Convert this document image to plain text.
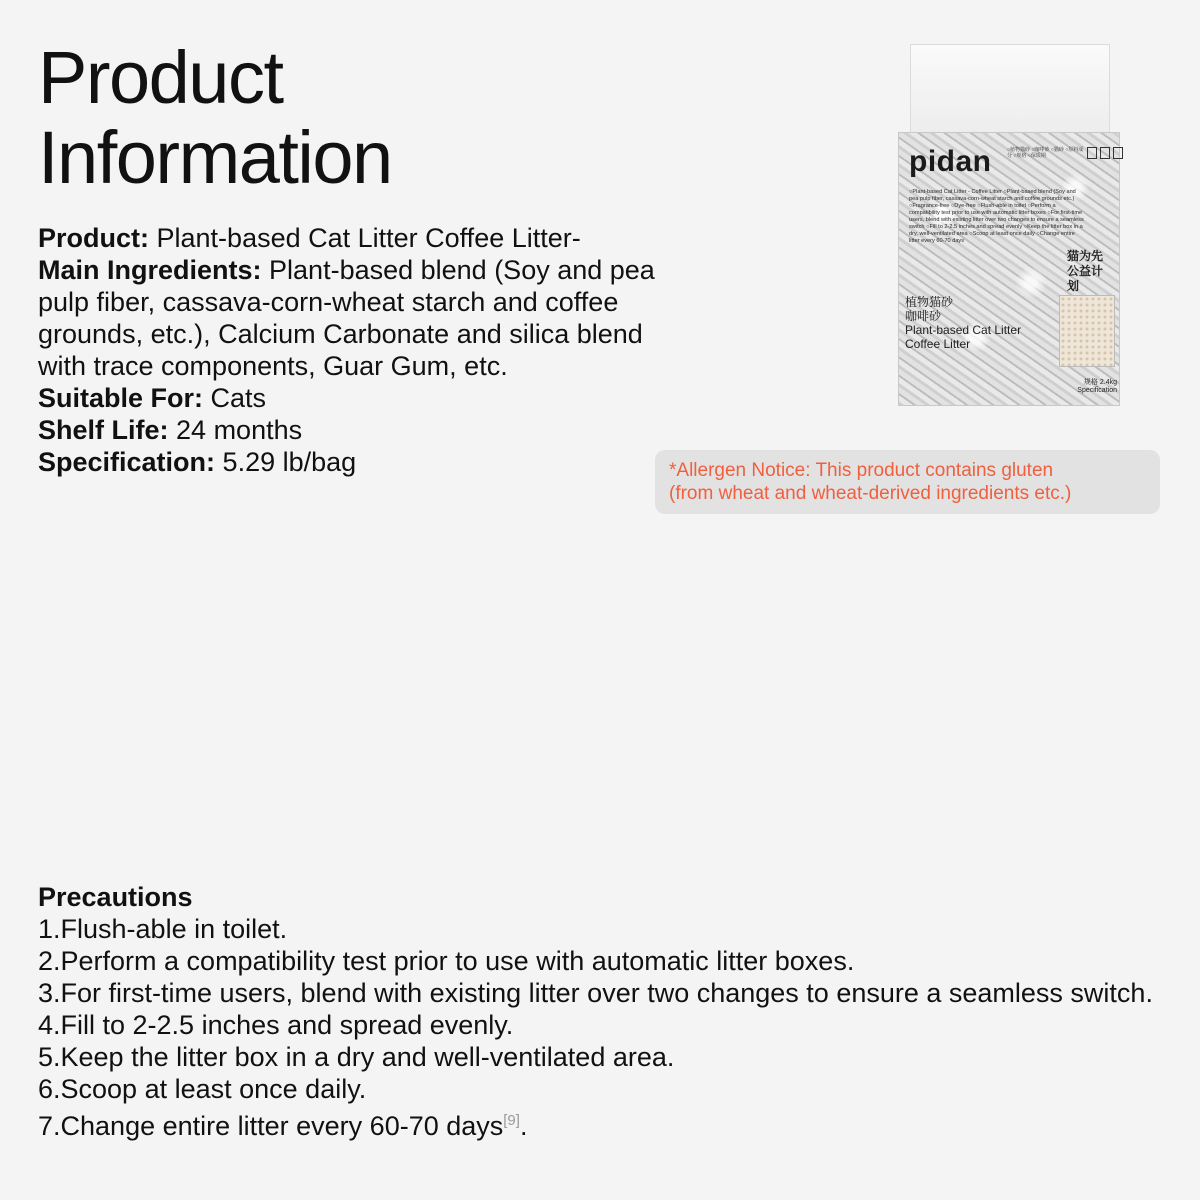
Product
Information

Product: Plant-based Cat Litter Coffee Litter-

Main Ingredients: Plant-based blend (Soy and pea pulp fiber, cassava-corn-wheat starch and coffee grounds, etc.), Calcium Carbonate and silica blend with trace components, Guar Gum, etc.

Suitable For: Cats

Shelf Life: 24 months

Specification: 5.29 lb/bag

pidan	○植物猫砂 ○咖啡砂 ○猫砂 ○原料成分 ○规格 ○保质期
○Plant-based Cat Litter - Coffee Litter ○Plant-based blend (Soy and pea pulp fiber, cassava-corn-wheat starch and coffee grounds etc.) ○Fragrance-free ○Dye-free ○Flush-able in toilet ○Perform a compatibility test prior to use with automatic litter boxes ○For first-time users, blend with existing litter over two changes to ensure a seamless switch ○Fill to 2-2.5 inches and spread evenly ○Keep the litter box in a dry, well-ventilated area ○Scoop at least once daily ○Change entire litter every 60-70 days
猫为先
公益计划
植物猫砂
咖啡砂
Plant-based Cat Litter
Coffee Litter
规格 2.4kg
Specification
*Allergen Notice: This product contains gluten
(from wheat and wheat-derived ingredients etc.)

Precautions

1.Flush-able in toilet.

2.Perform a compatibility test prior to use with automatic litter boxes.

3.For first-time users, blend with existing litter over two changes to ensure a seamless switch.

4.Fill to 2-2.5 inches and spread evenly.

5.Keep the litter box in a dry and well-ventilated area.

6.Scoop at least once daily.

7.Change entire litter every 60-70 days[9].
